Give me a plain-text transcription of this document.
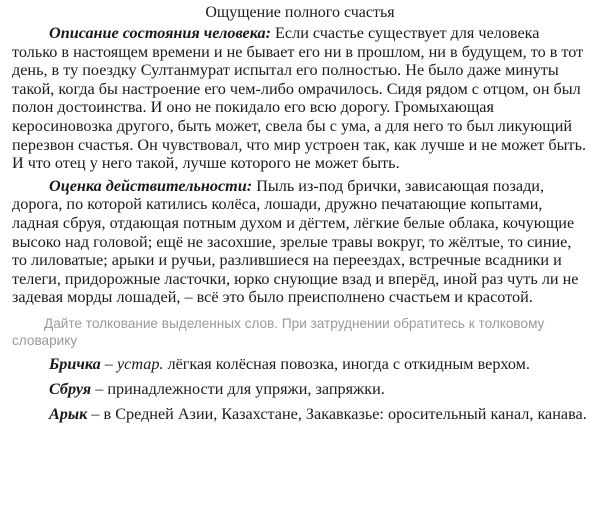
Ощущение полного счастья

Описание состояния человека: Если счастье существует для человека только в настоящем времени и не бывает его ни в прошлом, ни в будущем, то в тот день, в ту поездку Султанмурат испытал его полностью. Не было даже минуты такой, когда бы настроение его чем-либо омрачилось. Сидя рядом с отцом, он был полон достоинства. И оно не покидало его всю дорогу. Громыхающая керосиновозка другого, быть может, свела бы с ума, а для него то был ликующий перезвон счастья. Он чувствовал, что мир устроен так, как лучше и не может быть. И что отец у него такой, лучше которого не может быть.

Оценка действительности: Пыль из-под брички, зависающая позади, дорога, по которой катились колёса, лошади, дружно печатающие копытами, ладная сбруя, отдающая потным духом и дёгтем, лёгкие белые облака, кочующие высоко над головой; ещё не засохшие, зрелые травы вокруг, то жёлтые, то синие, то лиловатые; арыки и ручьи, разлившиеся на переездах, встречные всадники и телеги, придорожные ласточки, юрко снующие взад и вперёд, иной раз чуть ли не задевая морды лошадей, – всё это было преисполнено счастьем и красотой.

Дайте толкование выделенных слов. При затруднении обратитесь к толковому словарику
Бричка – устар. лёгкая колёсная повозка, иногда с откидным верхом.
Сбруя – принадлежности для упряжи, запряжки.
Арык – в Средней Азии, Казахстане, Закавказье: оросительный канал, канава.
